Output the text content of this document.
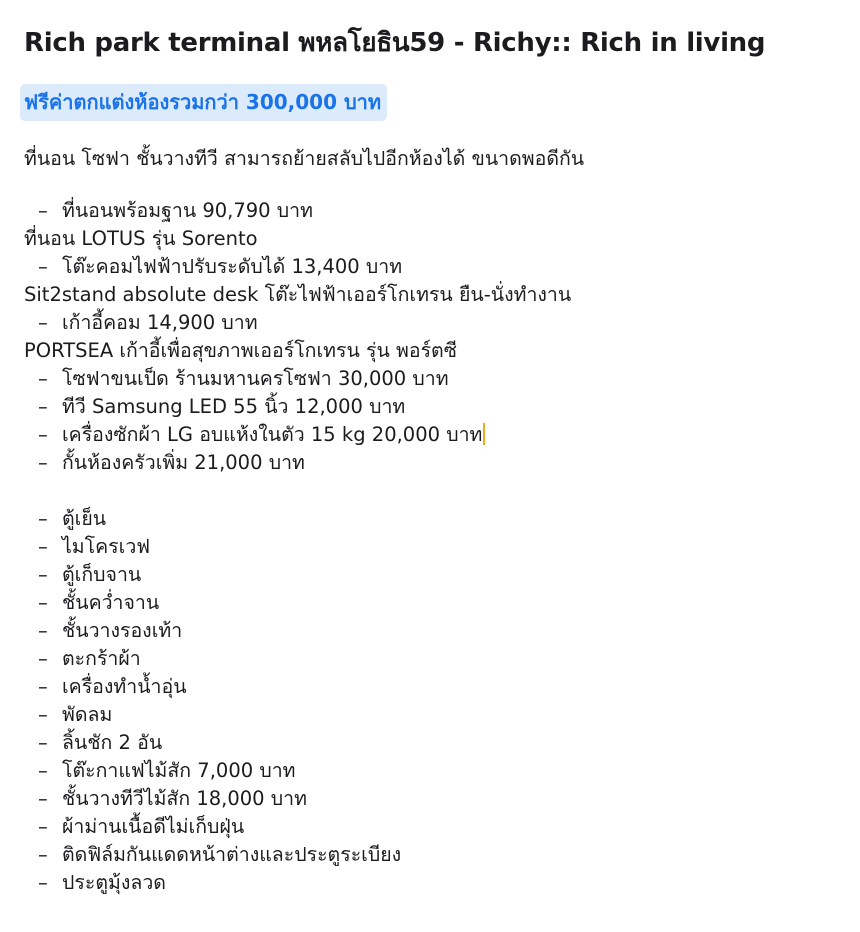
Rich park terminal พหลโยธิน59 - Richy:: Rich in living
ฟรีค่าตกแต่งห้องรวมกว่า 300,000 บาท
ที่นอน โซฟา ชั้นวางทีวี สามารถย้ายสลับไปอีกห้องได้ ขนาดพอดีกัน
– ที่นอนพร้อมฐาน 90,790 บาท
ที่นอน LOTUS รุ่น Sorento
– โต๊ะคอมไฟฟ้าปรับระดับได้ 13,400 บาท
Sit2stand absolute desk โต๊ะไฟฟ้าเออร์โกเทรน ยืน-นั่งทำงาน
– เก้าอี้คอม 14,900 บาท
PORTSEA เก้าอี้เพื่อสุขภาพเออร์โกเทรน รุ่น พอร์ตซี
– โซฟาขนเป็ด ร้านมหานครโซฟา 30,000 บาท
– ทีวี Samsung LED 55 นิ้ว 12,000 บาท
– เครื่องซักผ้า LG อบแห้งในตัว 15 kg 20,000 บาท
– กั้นห้องครัวเพิ่ม 21,000 บาท
– ตู้เย็น
– ไมโครเวฟ
– ตู้เก็บจาน
– ชั้นคว่ำจาน
– ชั้นวางรองเท้า
– ตะกร้าผ้า
– เครื่องทำน้ำอุ่น
– พัดลม
– ลิ้นชัก 2 อัน
– โต๊ะกาแฟไม้สัก 7,000 บาท
– ชั้นวางทีวีไม้สัก 18,000 บาท
– ผ้าม่านเนื้อดีไม่เก็บฝุ่น
– ติดฟิล์มกันแดดหน้าต่างและประตูระเบียง
– ประตูมุ้งลวด
